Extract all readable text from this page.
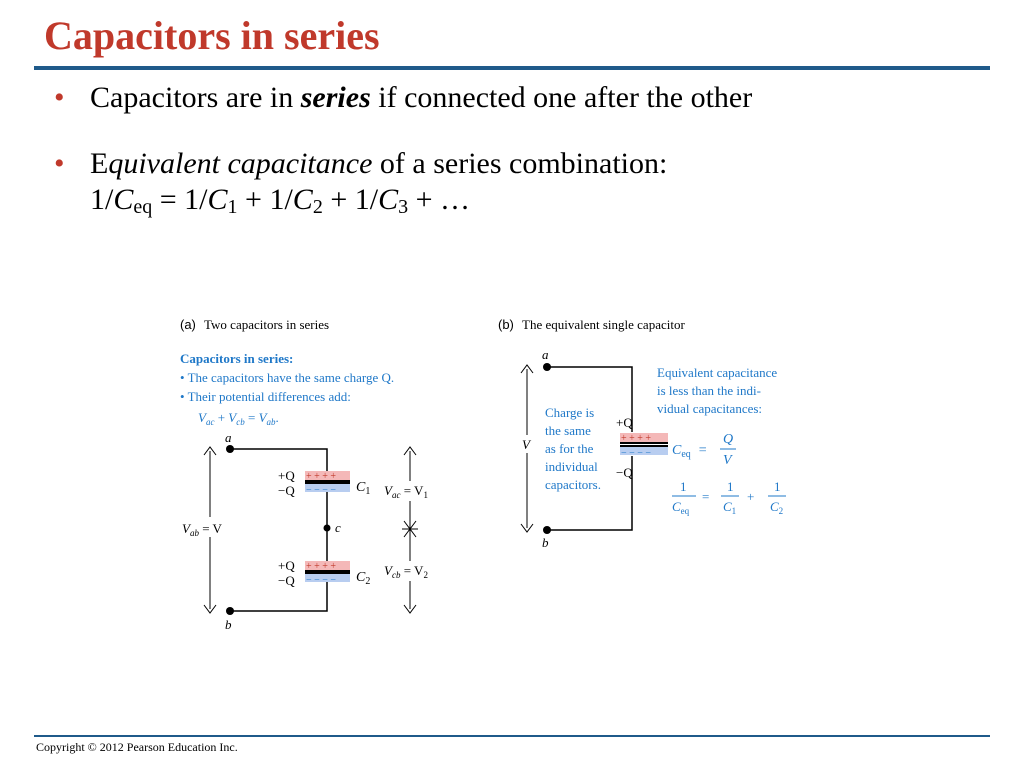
Capacitors in series
• Capacitors are in series if connected one after the other
• Equivalent capacitance of a series combination:
$1/C_{eq} = 1/C_1 + 1/C_2 + 1/C_3$ + …
(a) Two capacitors in series
Capacitors in series:
• The capacitors have the same charge Q.
• Their potential differences add:
$V_{ac} + V_{cb} = V_{ab}$.
a
b
c
+ + + +
− − − −
+Q
−Q	$C_1$
+ + + +
− − − −
+Q
−Q	$C_2$
$V_{ab} = V$
$V_{ac} = V_1$
$V_{cb} = V_2$
(b) The equivalent single capacitor
a
b
V
Charge is
the same
as for the
individual
capacitors.
+ + + +
− − − −
+Q
−Q
Equivalent capacitance
is less than the indi-
vidual capacitances:
$C_{eq}$ =
Q
V
1
$C_{eq}$
=
1
$C_1$
+
1
$C_2$
Copyright © 2012 Pearson Education Inc.
